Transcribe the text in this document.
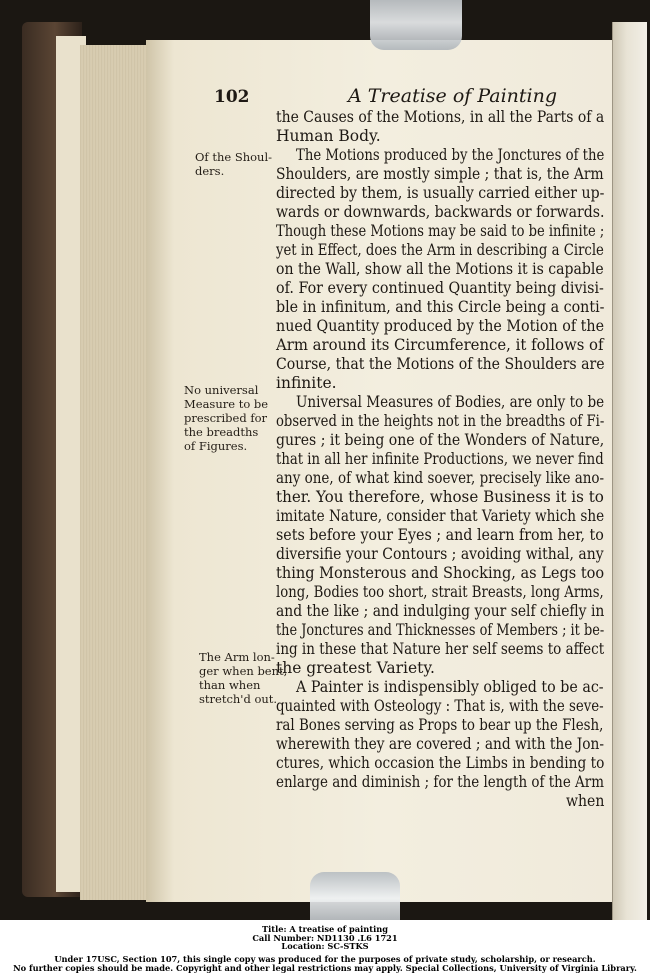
102	A Treatise of Painting
the Causes of the Motions, in all the Parts of a
Human Body.
The Motions produced by the Jonctures of the
Shoulders, are mostly simple ; that is, the Arm
directed by them, is usually carried either up-
wards or downwards, backwards or forwards.
Though these Motions may be said to be infinite ;
yet in Effect, does the Arm in describing a Circle
on the Wall, show all the Motions it is capable
of. For every continued Quantity being divisi-
ble in infinitum, and this Circle being a conti-
nued Quantity produced by the Motion of the
Arm around its Circumference, it follows of
Course, that the Motions of the Shoulders are
infinite.
Universal Measures of Bodies, are only to be
observed in the heights not in the breadths of Fi-
gures ; it being one of the Wonders of Nature,
that in all her infinite Productions, we never find
any one, of what kind soever, precisely like ano-
ther. You therefore, whose Business it is to
imitate Nature, consider that Variety which she
sets before your Eyes ; and learn from her, to
diversifie your Contours ; avoiding withal, any
thing Monsterous and Shocking, as Legs too
long, Bodies too short, strait Breasts, long Arms,
and the like ; and indulging your self chiefly in
the Jonctures and Thicknesses of Members ; it be-
ing in these that Nature her self seems to affect
the greatest Variety.
A Painter is indispensibly obliged to be ac-
quainted with Osteology : That is, with the seve-
ral Bones serving as Props to bear up the Flesh,
wherewith they are covered ; and with the Jon-
ctures, which occasion the Limbs in bending to
enlarge and diminish ; for the length of the Arm
when
Of the Shoul-
ders.
No universal
Measure to be
prescribed for
the breadths
of Figures.
The Arm lon-
ger when bent,
than when
stretch'd out.
Title: A treatise of painting
Call Number: ND1130 .L6 1721
Location: SC-STKS
Under 17USC, Section 107, this single copy was produced for the purposes of private study, scholarship, or research.
No further copies should be made. Copyright and other legal restrictions may apply. Special Collections, University of Virginia Library.
